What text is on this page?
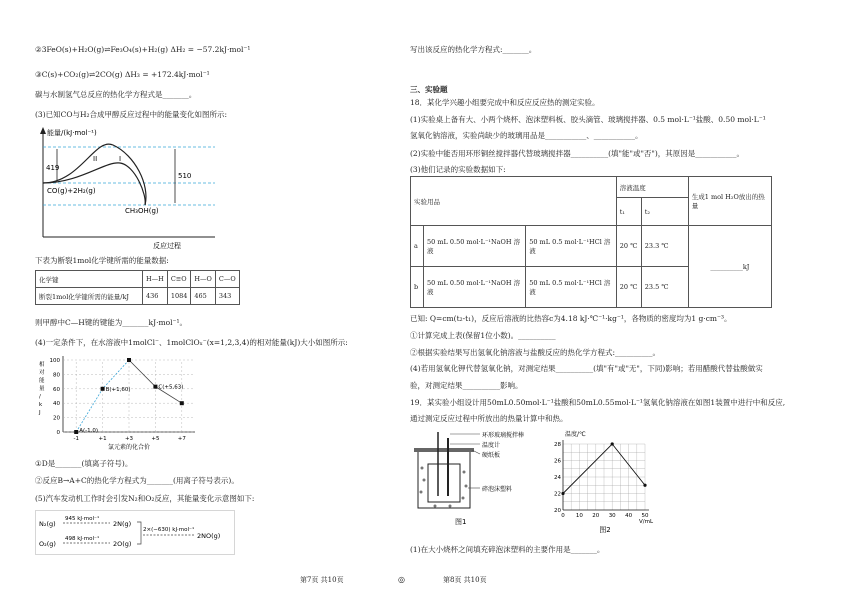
②3FeO(s)+H₂O(g)⇌Fe₃O₄(s)+H₂(g) ΔH₂ = −57.2kJ·mol⁻¹
③C(s)+CO₂(g)⇌2CO(g) ΔH₃ = +172.4kJ·mol⁻¹
碳与水制氢气总反应的热化学方程式是_______。
(3)已知CO与H₂合成甲醇反应过程中的能量变化如图所示:
能量/(kJ·mol⁻¹)
419
510
II	I
CO(g)+2H₂(g)
CH₃OH(g)
反应过程
下表为断裂1mol化学键所需的能量数据:
化学键	H—H	C≡O	H—O	C—O
断裂1mol化学键所需的能量/kJ	436	1084	465	343
则甲醇中C—H键的键能为_______kJ·mol⁻¹。
(4)一定条件下，在水溶液中1molCl⁻、1molClOₓ⁻(x=1,2,3,4)的相对能量(kJ)大小如图所示:
0
20
40
60
80
100
-1	+1	+3	+5	+7
相
对
能
量
/
k
J
氯元素的化合价
A(-1,0)
B(+1,60)	C(+5,63)
①D是_______(填离子符号)。
②反应B→A+C的热化学方程式为_______(用离子符号表示)。
(5)汽车发动机工作时会引发N₂和O₂反应，其能量变化示意图如下:
N₂(g)
O₂(g)
945 kJ·mol⁻¹
498 kJ·mol⁻¹
2N(g)
2O(g)
2×(−630) kJ·mol⁻¹
2NO(g)
第7页 共10页	◎
写出该反应的热化学方程式:_______。
三、实验题
18．某化学兴趣小组要完成中和反应反应热的测定实验。
(1)实验桌上备有大、小两个烧杯、泡沫塑料板、胶头滴管、玻璃搅拌器、0.5 mol·L⁻¹盐酸、0.50 mol·L⁻¹
氢氧化钠溶液，实验尚缺少的玻璃用品是___________、___________。
(2)实验中能否用环形铜丝搅拌器代替玻璃搅拌器__________(填"能"或"否")，其原因是___________。
(3)他们记录的实验数据如下:
实验用品			溶液温度		生成1 mol H₂O放出的热量
			t₁	t₂	
a	50 mL 0.50 mol·L⁻¹NaOH 溶液	50 mL 0.5 mol·L⁻¹HCl 溶液	20 ℃	23.3 ℃	__________kJ
b	50 mL 0.50 mol·L⁻¹NaOH 溶液	50 mL 0.5 mol·L⁻¹HCl 溶液	20 ℃	23.5 ℃	
已知: Q=cm(t₂-t₁)，反应后溶液的比热容c为4.18 kJ·℃⁻¹·kg⁻¹，各物质的密度均为1 g·cm⁻³。
①计算完成上表(保留1位小数)。__________
②根据实验结果写出氢氧化钠溶液与盐酸反应的热化学方程式:__________。
(4)若用氢氧化钾代替氢氧化钠，对测定结果__________(填"有"或"无"，下同)影响；若用醋酸代替盐酸做实
验，对测定结果__________影响。
19．某实验小组设计用50mL0.50mol·L⁻¹盐酸和50mL0.55mol·L⁻¹氢氧化钠溶液在如图1装置中进行中和反应,
通过测定反应过程中所放出的热量计算中和热。
环形玻璃搅拌棒
温度计
硬纸板
碎泡沫塑料
图1
温度/℃
20
22
24
26
28
0 10 20 30 40 50
V/mL
图2
(1)在大小烧杯之间填充碎泡沫塑料的主要作用是_______。
第8页 共10页
